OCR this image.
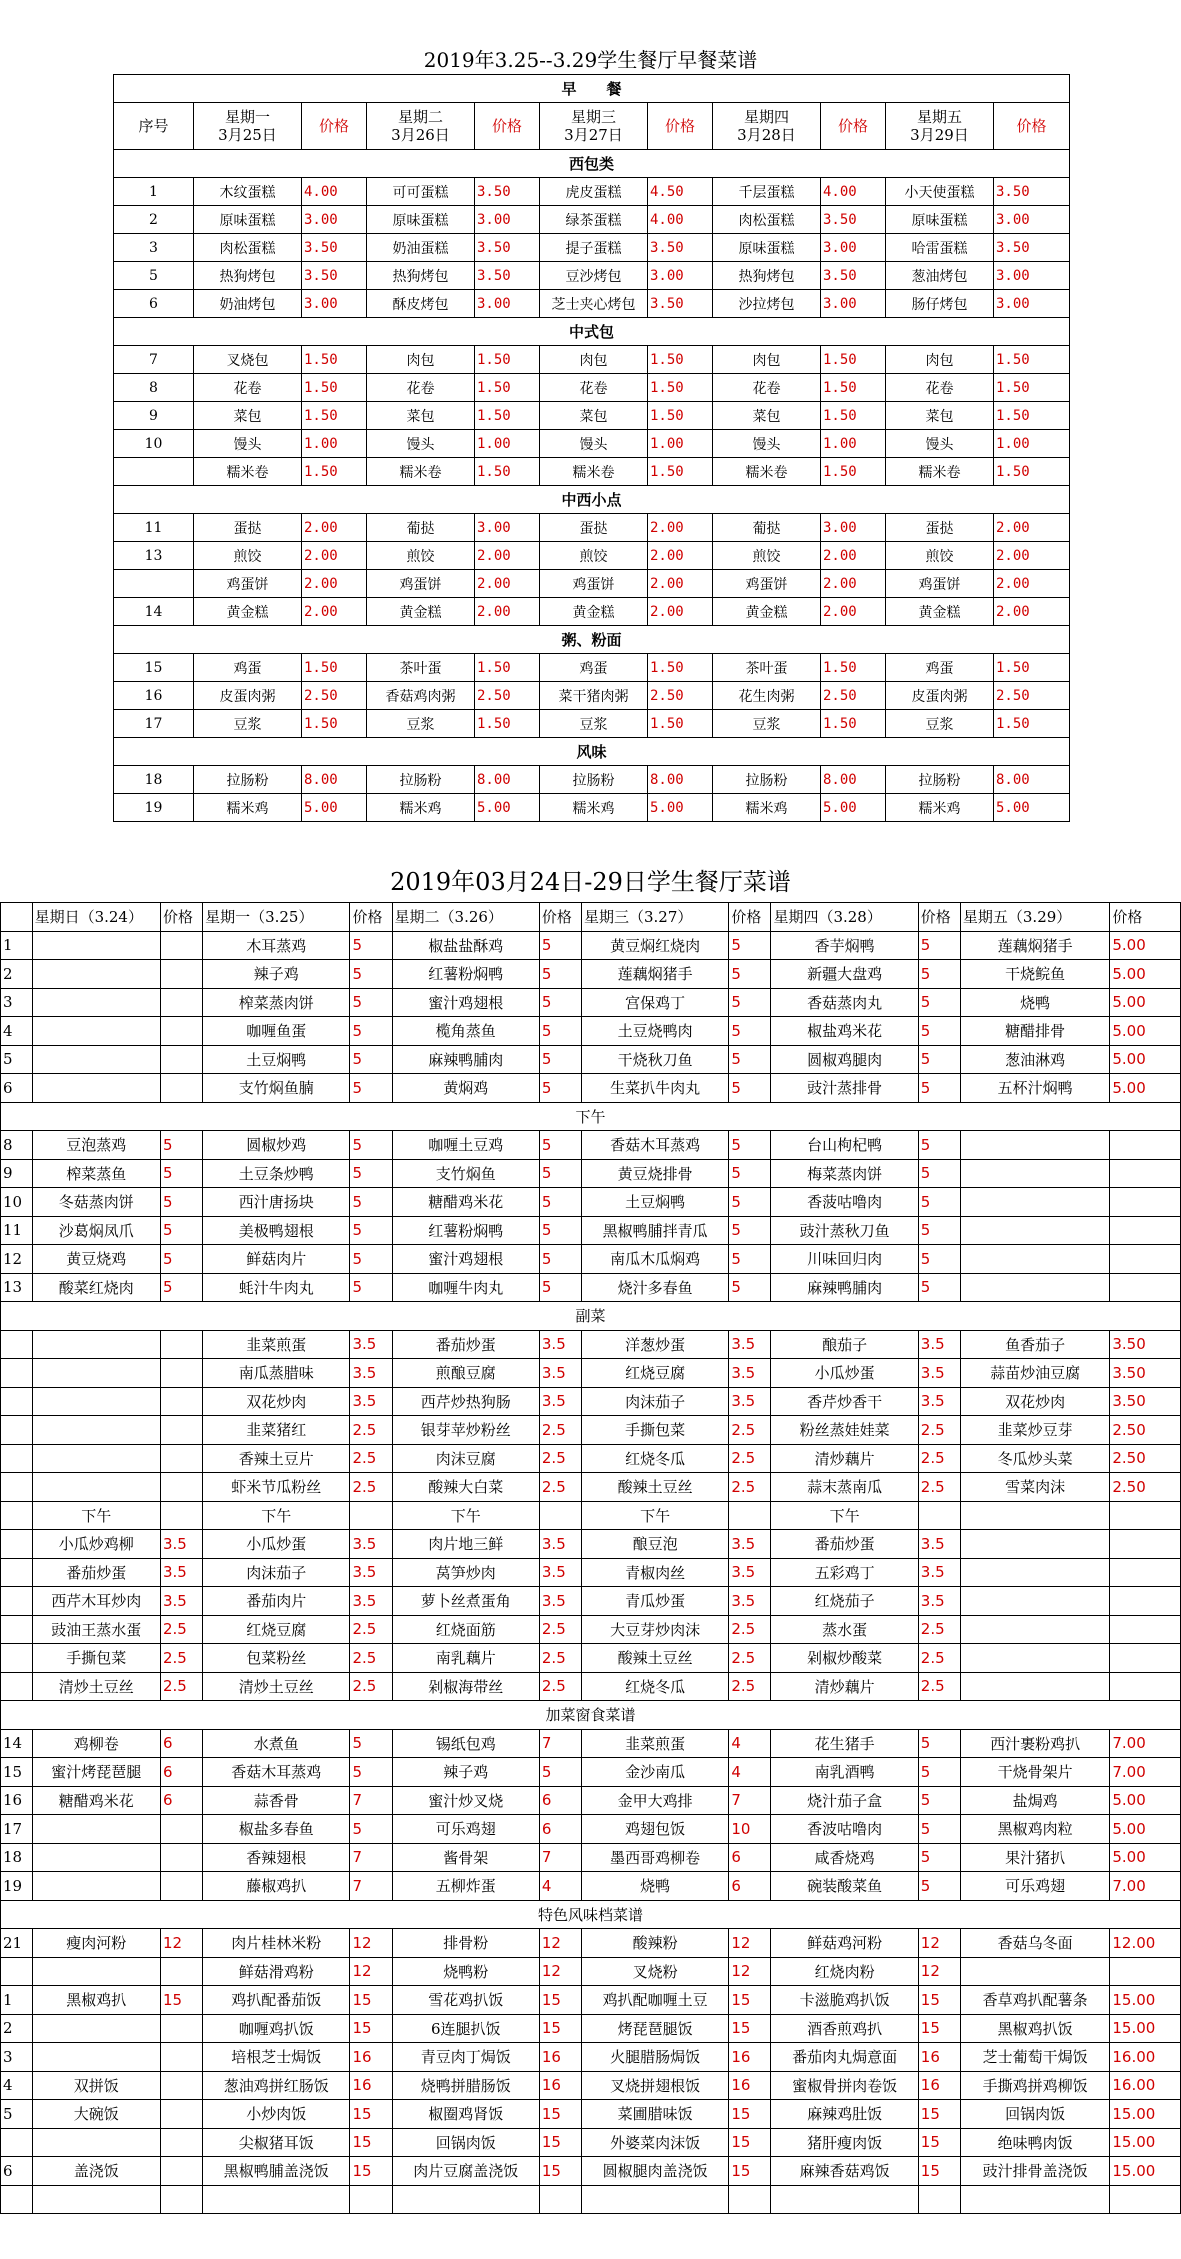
2019年3.25--3.29学生餐厅早餐菜谱
早　　餐										
序号	星期一
3月25日	价格	星期二
3月26日	价格	星期三
3月27日	价格	星期四
3月28日	价格	星期五
3月29日	价格
西包类										
1	木纹蛋糕	4.00	可可蛋糕	3.50	虎皮蛋糕	4.50	千层蛋糕	4.00	小天使蛋糕	3.50
2	原味蛋糕	3.00	原味蛋糕	3.00	绿茶蛋糕	4.00	肉松蛋糕	3.50	原味蛋糕	3.00
3	肉松蛋糕	3.50	奶油蛋糕	3.50	提子蛋糕	3.50	原味蛋糕	3.00	哈雷蛋糕	3.50
5	热狗烤包	3.50	热狗烤包	3.50	豆沙烤包	3.00	热狗烤包	3.50	葱油烤包	3.00
6	奶油烤包	3.00	酥皮烤包	3.00	芝士夹心烤包	3.50	沙拉烤包	3.00	肠仔烤包	3.00
中式包										
7	叉烧包	1.50	肉包	1.50	肉包	1.50	肉包	1.50	肉包	1.50
8	花卷	1.50	花卷	1.50	花卷	1.50	花卷	1.50	花卷	1.50
9	菜包	1.50	菜包	1.50	菜包	1.50	菜包	1.50	菜包	1.50
10	馒头	1.00	馒头	1.00	馒头	1.00	馒头	1.00	馒头	1.00
	糯米卷	1.50	糯米卷	1.50	糯米卷	1.50	糯米卷	1.50	糯米卷	1.50
中西小点										
11	蛋挞	2.00	葡挞	3.00	蛋挞	2.00	葡挞	3.00	蛋挞	2.00
13	煎饺	2.00	煎饺	2.00	煎饺	2.00	煎饺	2.00	煎饺	2.00
	鸡蛋饼	2.00	鸡蛋饼	2.00	鸡蛋饼	2.00	鸡蛋饼	2.00	鸡蛋饼	2.00
14	黄金糕	2.00	黄金糕	2.00	黄金糕	2.00	黄金糕	2.00	黄金糕	2.00
粥、粉面										
15	鸡蛋	1.50	茶叶蛋	1.50	鸡蛋	1.50	茶叶蛋	1.50	鸡蛋	1.50
16	皮蛋肉粥	2.50	香菇鸡肉粥	2.50	菜干猪肉粥	2.50	花生肉粥	2.50	皮蛋肉粥	2.50
17	豆浆	1.50	豆浆	1.50	豆浆	1.50	豆浆	1.50	豆浆	1.50
风味										
18	拉肠粉	8.00	拉肠粉	8.00	拉肠粉	8.00	拉肠粉	8.00	拉肠粉	8.00
19	糯米鸡	5.00	糯米鸡	5.00	糯米鸡	5.00	糯米鸡	5.00	糯米鸡	5.00
2019年03月24日-29日学生餐厅菜谱
	星期日（3.24）	价格	星期一（3.25）	价格	星期二（3.26）	价格	星期三（3.27）	价格	星期四（3.28）	价格	星期五（3.29）	价格
1			木耳蒸鸡	5	椒盐盐酥鸡	5	黄豆焖红烧肉	5	香芋焖鸭	5	莲藕焖猪手	5.00
2			辣子鸡	5	红薯粉焖鸭	5	莲藕焖猪手	5	新疆大盘鸡	5	干烧鲩鱼	5.00
3			榨菜蒸肉饼	5	蜜汁鸡翅根	5	宫保鸡丁	5	香菇蒸肉丸	5	烧鸭	5.00
4			咖喱鱼蛋	5	榄角蒸鱼	5	土豆烧鸭肉	5	椒盐鸡米花	5	糖醋排骨	5.00
5			土豆焖鸭	5	麻辣鸭脯肉	5	干烧秋刀鱼	5	圆椒鸡腿肉	5	葱油淋鸡	5.00
6			支竹焖鱼腩	5	黄焖鸡	5	生菜扒牛肉丸	5	豉汁蒸排骨	5	五杯汁焖鸭	5.00
下午												
8	豆泡蒸鸡	5	圆椒炒鸡	5	咖喱土豆鸡	5	香菇木耳蒸鸡	5	台山枸杞鸭	5		
9	榨菜蒸鱼	5	土豆条炒鸭	5	支竹焖鱼	5	黄豆烧排骨	5	梅菜蒸肉饼	5		
10	冬菇蒸肉饼	5	西汁唐扬块	5	糖醋鸡米花	5	土豆焖鸭	5	香菠咕噜肉	5		
11	沙葛焖凤爪	5	美极鸭翅根	5	红薯粉焖鸭	5	黑椒鸭脯拌青瓜	5	豉汁蒸秋刀鱼	5		
12	黄豆烧鸡	5	鲜菇肉片	5	蜜汁鸡翅根	5	南瓜木瓜焖鸡	5	川味回归肉	5		
13	酸菜红烧肉	5	蚝汁牛肉丸	5	咖喱牛肉丸	5	烧汁多春鱼	5	麻辣鸭脯肉	5		
副菜												
			韭菜煎蛋	3.5	番茄炒蛋	3.5	洋葱炒蛋	3.5	酿茄子	3.5	鱼香茄子	3.50
			南瓜蒸腊味	3.5	煎酿豆腐	3.5	红烧豆腐	3.5	小瓜炒蛋	3.5	蒜苗炒油豆腐	3.50
			双花炒肉	3.5	西芹炒热狗肠	3.5	肉沫茄子	3.5	香芹炒香干	3.5	双花炒肉	3.50
			韭菜猪红	2.5	银芽苹炒粉丝	2.5	手撕包菜	2.5	粉丝蒸娃娃菜	2.5	韭菜炒豆芽	2.50
			香辣土豆片	2.5	肉沫豆腐	2.5	红烧冬瓜	2.5	清炒藕片	2.5	冬瓜炒头菜	2.50
			虾米节瓜粉丝	2.5	酸辣大白菜	2.5	酸辣土豆丝	2.5	蒜末蒸南瓜	2.5	雪菜肉沫	2.50
	下午		下午		下午		下午		下午			
	小瓜炒鸡柳	3.5	小瓜炒蛋	3.5	肉片地三鲜	3.5	酿豆泡	3.5	番茄炒蛋	3.5		
	番茄炒蛋	3.5	肉沫茄子	3.5	莴笋炒肉	3.5	青椒肉丝	3.5	五彩鸡丁	3.5		
	西芹木耳炒肉	3.5	番茄肉片	3.5	萝卜丝煮蛋角	3.5	青瓜炒蛋	3.5	红烧茄子	3.5		
	豉油王蒸水蛋	2.5	红烧豆腐	2.5	红烧面筋	2.5	大豆芽炒肉沫	2.5	蒸水蛋	2.5		
	手撕包菜	2.5	包菜粉丝	2.5	南乳藕片	2.5	酸辣土豆丝	2.5	剁椒炒酸菜	2.5		
	清炒土豆丝	2.5	清炒土豆丝	2.5	剁椒海带丝	2.5	红烧冬瓜	2.5	清炒藕片	2.5		
加菜窗食菜谱												
14	鸡柳卷	6	水煮鱼	5	锡纸包鸡	7	韭菜煎蛋	4	花生猪手	5	西汁裹粉鸡扒	7.00
15	蜜汁烤琵琶腿	6	香菇木耳蒸鸡	5	辣子鸡	5	金沙南瓜	4	南乳酒鸭	5	干烧骨架片	7.00
16	糖醋鸡米花	6	蒜香骨	7	蜜汁炒叉烧	6	金甲大鸡排	7	烧汁茄子盒	5	盐焗鸡	5.00
17			椒盐多春鱼	5	可乐鸡翅	6	鸡翅包饭	10	香波咕噜肉	5	黑椒鸡肉粒	5.00
18			香辣翅根	7	酱骨架	7	墨西哥鸡柳卷	6	咸香烧鸡	5	果汁猪扒	5.00
19			藤椒鸡扒	7	五柳炸蛋	4	烧鸭	6	碗装酸菜鱼	5	可乐鸡翅	7.00
特色风味档菜谱												
21	瘦肉河粉	12	肉片桂林米粉	12	排骨粉	12	酸辣粉	12	鲜菇鸡河粉	12	香菇乌冬面	12.00
			鲜菇滑鸡粉	12	烧鸭粉	12	叉烧粉	12	红烧肉粉	12		
1	黑椒鸡扒	15	鸡扒配番茄饭	15	雪花鸡扒饭	15	鸡扒配咖喱土豆	15	卡滋脆鸡扒饭	15	香草鸡扒配薯条	15.00
2			咖喱鸡扒饭	15	6连腿扒饭	15	烤琵琶腿饭	15	酒香煎鸡扒	15	黑椒鸡扒饭	15.00
3			培根芝士焗饭	16	青豆肉丁焗饭	16	火腿腊肠焗饭	16	番茄肉丸焗意面	16	芝士葡萄干焗饭	16.00
4	双拼饭		葱油鸡拼红肠饭	16	烧鸭拼腊肠饭	16	叉烧拼翅根饭	16	蜜椒骨拼肉卷饭	16	手撕鸡拼鸡柳饭	16.00
5	大碗饭		小炒肉饭	15	椒圈鸡肾饭	15	菜圃腊味饭	15	麻辣鸡肚饭	15	回锅肉饭	15.00
			尖椒猪耳饭	15	回锅肉饭	15	外婆菜肉沫饭	15	猪肝瘦肉饭	15	绝味鸭肉饭	15.00
6	盖浇饭		黑椒鸭脯盖浇饭	15	肉片豆腐盖浇饭	15	圆椒腿肉盖浇饭	15	麻辣香菇鸡饭	15	豉汁排骨盖浇饭	15.00
